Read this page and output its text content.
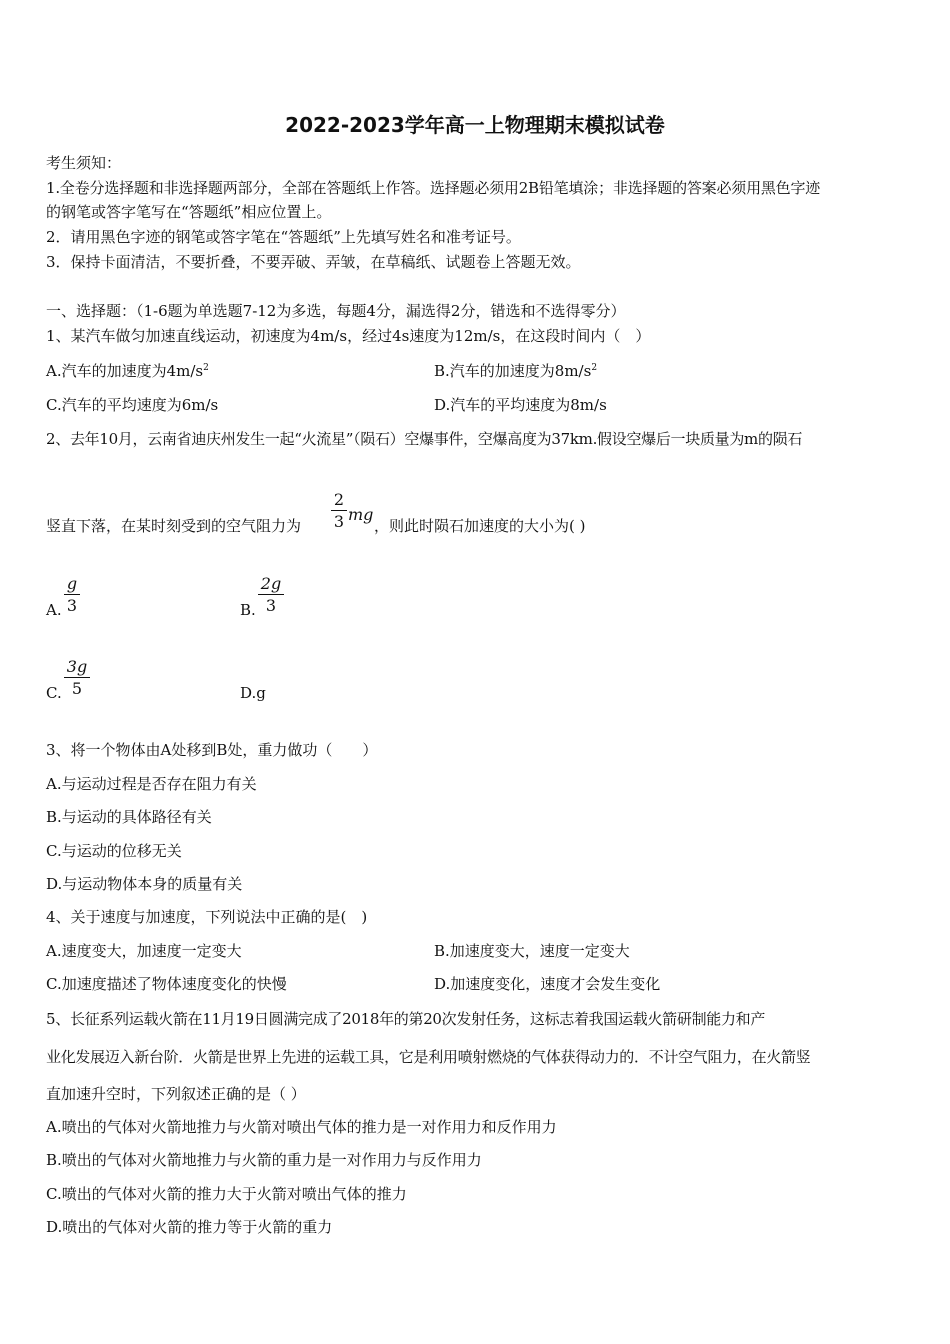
2022-2023学年高一上物理期末模拟试卷
考生须知：
1.全卷分选择题和非选择题两部分，全部在答题纸上作答。选择题必须用2B铅笔填涂；非选择题的答案必须用黑色字迹
的钢笔或答字笔写在“答题纸”相应位置上。
2．请用黑色字迹的钢笔或答字笔在“答题纸”上先填写姓名和准考证号。
3．保持卡面清洁，不要折叠，不要弄破、弄皱，在草稿纸、试题卷上答题无效。
一、选择题：（1-6题为单选题7-12为多选，每题4分，漏选得2分，错选和不选得零分）
1、某汽车做匀加速直线运动，初速度为4m/s，经过4s速度为12m/s，在这段时间内（　）
A.汽车的加速度为$4m/s^2$	B.汽车的加速度为$8m/s^2$
C.汽车的平均速度为6m/s	D.汽车的平均速度为8m/s
2、去年10月，云南省迪庆州发生一起“火流星”（陨石）空爆事件，空爆高度为37km.假设空爆后一块质量为m的陨石
竖直下落，在某时刻受到的空气阻力为 $\frac{2}{3}$ mg
，则此时陨石加速度的大小为( )
A. $\frac{g}{3}$	B. $\frac{2g}{3}$
C. $\frac{3g}{5}$	D.g
3、将一个物体由A处移到B处，重力做功（　　）
A.与运动过程是否存在阻力有关
B.与运动的具体路径有关
C.与运动的位移无关
D.与运动物体本身的质量有关
4、关于速度与加速度，下列说法中正确的是(　)
A.速度变大，加速度一定变大	B.加速度变大，速度一定变大
C.加速度描述了物体速度变化的快慢	D.加速度变化，速度才会发生变化
5、长征系列运载火箭在11月19日圆满完成了2018年的第20次发射任务，这标志着我国运载火箭研制能力和产
业化发展迈入新台阶．火箭是世界上先进的运载工具，它是利用喷射燃烧的气体获得动力的．不计空气阻力，在火箭竖
直加速升空时，下列叙述正确的是（ ）
A.喷出的气体对火箭地推力与火箭对喷出气体的推力是一对作用力和反作用力
B.喷出的气体对火箭地推力与火箭的重力是一对作用力与反作用力
C.喷出的气体对火箭的推力大于火箭对喷出气体的推力
D.喷出的气体对火箭的推力等于火箭的重力
